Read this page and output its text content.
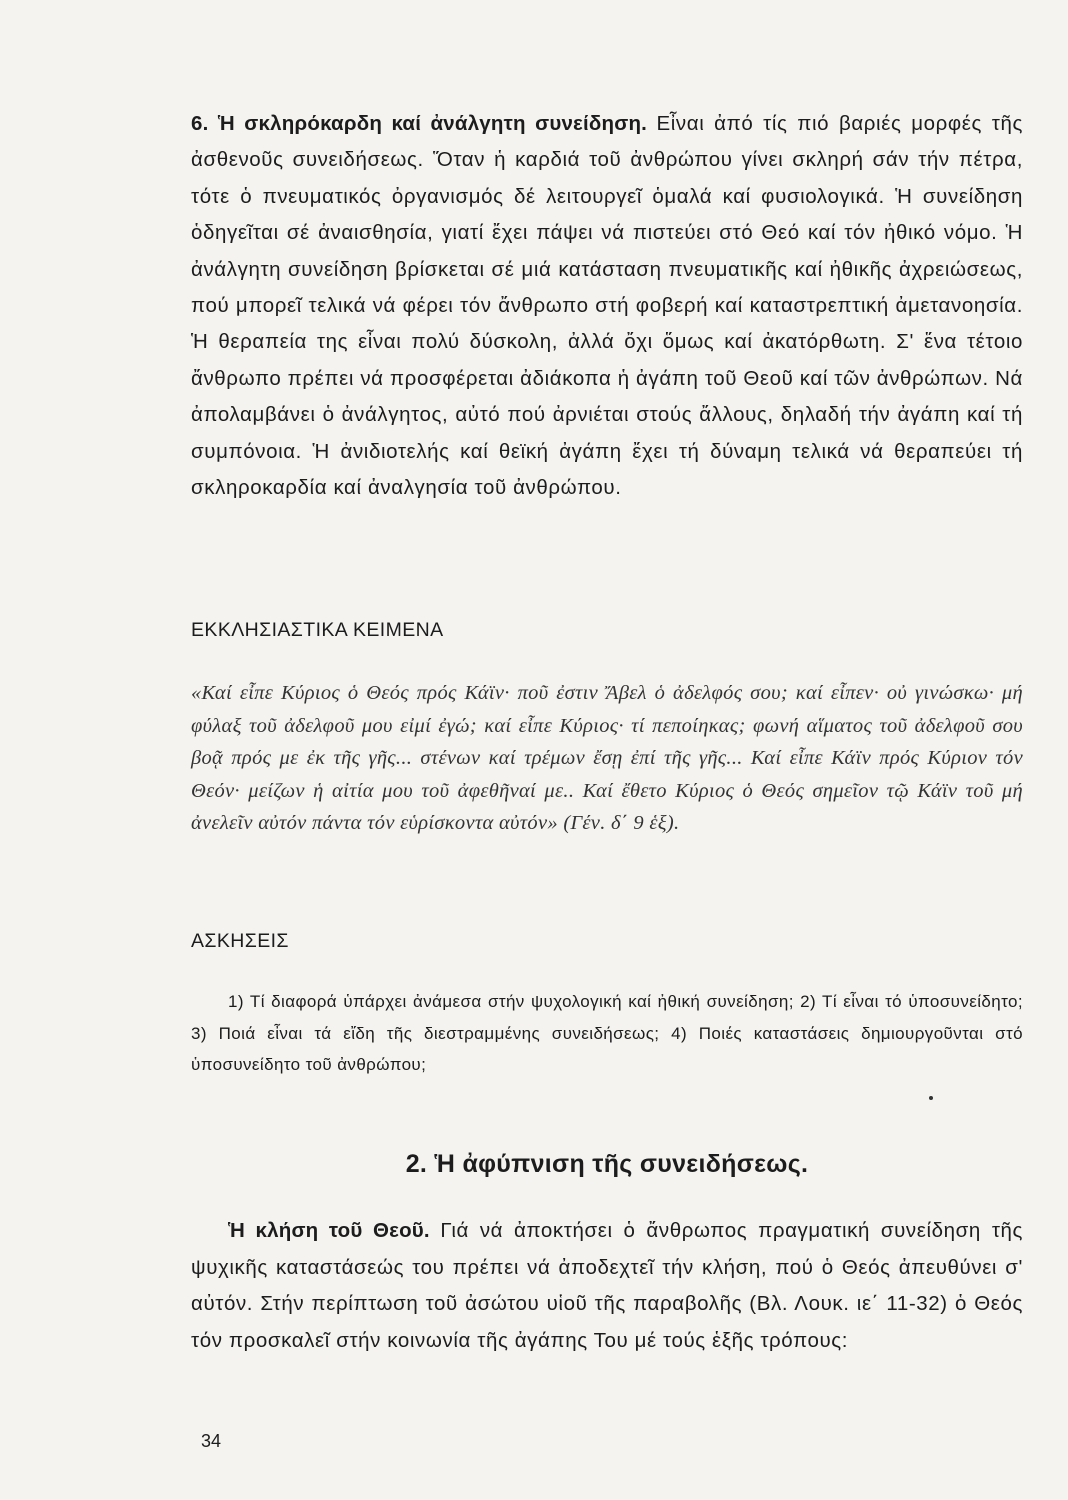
6. Ἡ σκληρόκαρδη καί ἀνάλγητη συνείδηση. Εἶναι ἀπό τίς πιό βαριές μορφές τῆς ἀσθενοῦς συνειδήσεως. Ὅταν ἡ καρδιά τοῦ ἀνθρώπου γίνει σκληρή σάν τήν πέτρα, τότε ὁ πνευματικός ὀργανισμός δέ λειτουργεῖ ὁμαλά καί φυσιολογικά. Ἡ συνείδηση ὁδηγεῖται σέ ἀναισθησία, γιατί ἔχει πάψει νά πιστεύει στό Θεό καί τόν ἠθικό νόμο. Ἡ ἀνάλγητη συνείδηση βρίσκεται σέ μιά κατάσταση πνευματικῆς καί ἠθικῆς ἀχρειώσεως, πού μπορεῖ τελικά νά φέρει τόν ἄνθρωπο στή φοβερή καί καταστρεπτική ἀμετανοησία. Ἡ θεραπεία της εἶναι πολύ δύσκολη, ἀλλά ὄχι ὅμως καί ἀκατόρθωτη. Σ' ἕνα τέτοιο ἄνθρωπο πρέπει νά προσφέρεται ἀδιάκοπα ἡ ἀγάπη τοῦ Θεοῦ καί τῶν ἀνθρώπων. Νά ἀπολαμβάνει ὁ ἀνάλγητος, αὐτό πού ἀρνιέται στούς ἄλλους, δηλαδή τήν ἀγάπη καί τή συμπόνοια. Ἡ ἀνιδιοτελής καί θεϊκή ἀγάπη ἔχει τή δύναμη τελικά νά θεραπεύει τή σκληροκαρδία καί ἀναλγησία τοῦ ἀνθρώπου.
ΕΚΚΛΗΣΙΑΣΤΙΚΑ ΚΕΙΜΕΝΑ
«Καί εἶπε Κύριος ὁ Θεός πρός Κάϊν· ποῦ ἐστιν Ἄβελ ὁ ἀδελφός σου; καί εἶπεν· οὐ γινώσκω· μή φύλαξ τοῦ ἀδελφοῦ μου εἰμί ἐγώ; καί εἶπε Κύριος· τί πεποίηκας; φωνή αἵματος τοῦ ἀδελφοῦ σου βοᾷ πρός με ἐκ τῆς γῆς... στένων καί τρέμων ἔσῃ ἐπί τῆς γῆς... Καί εἶπε Κάϊν πρός Κύριον τόν Θεόν· μείζων ἡ αἰτία μου τοῦ ἀφεθῆναί με.. Καί ἔθετο Κύριος ὁ Θεός σημεῖον τῷ Κάϊν τοῦ μή ἀνελεῖν αὐτόν πάντα τόν εὑρίσκοντα αὐτόν» (Γέν. δ΄ 9 ἑξ).
ΑΣΚΗΣΕΙΣ
1) Τί διαφορά ὑπάρχει ἀνάμεσα στήν ψυχολογική καί ἠθική συνείδηση; 2) Τί εἶναι τό ὑποσυνείδητο; 3) Ποιά εἶναι τά εἴδη τῆς διεστραμμένης συνειδήσεως; 4) Ποιές καταστάσεις δημιουργοῦνται στό ὑποσυνείδητο τοῦ ἀνθρώπου;
2. Ἡ ἀφύπνιση τῆς συνειδήσεως.
Ἡ κλήση τοῦ Θεοῦ. Γιά νά ἀποκτήσει ὁ ἄνθρωπος πραγματική συνείδηση τῆς ψυχικῆς καταστάσεώς του πρέπει νά ἀποδεχτεῖ τήν κλήση, πού ὁ Θεός ἀπευθύνει σ' αὐτόν. Στήν περίπτωση τοῦ ἀσώτου υἱοῦ τῆς παραβολῆς (Βλ. Λουκ. ιε΄ 11-32) ὁ Θεός τόν προσκαλεῖ στήν κοινωνία τῆς ἀγάπης Του μέ τούς ἑξῆς τρόπους:
34
